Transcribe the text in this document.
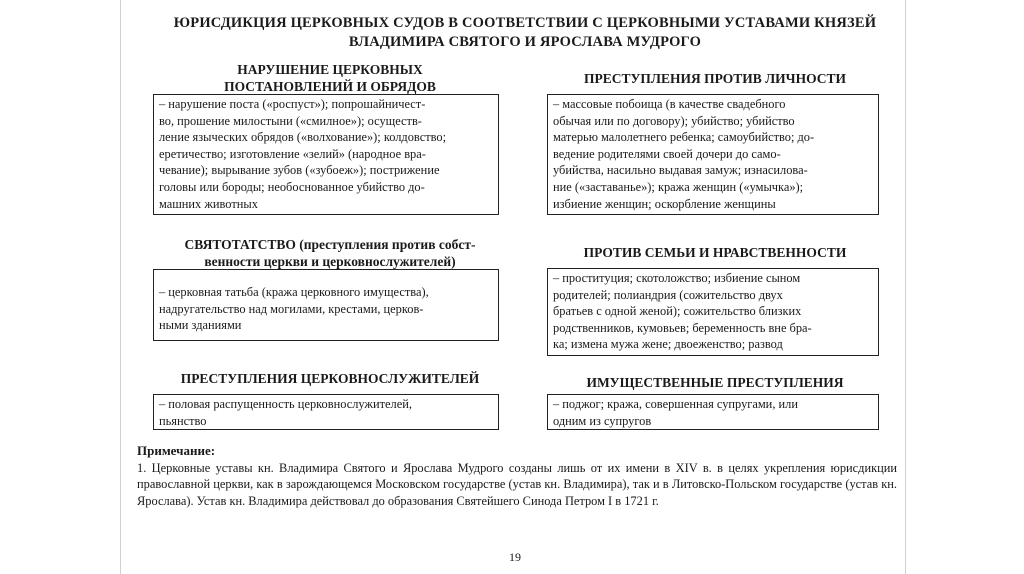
ЮРИСДИКЦИЯ ЦЕРКОВНЫХ СУДОВ В СООТВЕТСТВИИ С ЦЕРКОВНЫМИ УСТАВАМИ КНЯЗЕЙ
ВЛАДИМИРА СВЯТОГО И ЯРОСЛАВА МУДРОГО
НАРУШЕНИЕ ЦЕРКОВНЫХ
ПОСТАНОВЛЕНИЙ И ОБРЯДОВ
– нарушение поста («роспуст»); попрошайничест-
во, прошение милостыни («смилное»); осуществ-
ление языческих обрядов («волхование»); колдовство;
еретичество; изготовление «зелий» (народное вра-
чевание); вырывание зубов («зубоеж»); пострижение
головы или бороды; необоснованное убийство до-
машних животных
ПРЕСТУПЛЕНИЯ ПРОТИВ ЛИЧНОСТИ
– массовые побоища (в качестве свадебного
обычая или по договору); убийство; убийство
матерью малолетнего ребенка; самоубийство; до-
ведение родителями своей дочери до само-
убийства, насильно выдавая замуж; изнасилова-
ние («заставанье»); кража женщин («умычка»);
избиение женщин; оскорбление женщины
СВЯТОТАТСТВО (преступления против собст-
венности церкви и церковнослужителей)
– церковная татьба (кража церковного имущества),
надругательство над могилами, крестами, церков-
ными зданиями
ПРОТИВ СЕМЬИ И НРАВСТВЕННОСТИ
– проституция; скотоложство; избиение сыном
родителей; полиандрия (сожительство двух
братьев с одной женой); сожительство близких
родственников, кумовьев; беременность вне бра-
ка; измена мужа жене; двоеженство; развод
ПРЕСТУПЛЕНИЯ ЦЕРКОВНОСЛУЖИТЕЛЕЙ
– половая распущенность церковнослужителей,
пьянство
ИМУЩЕСТВЕННЫЕ ПРЕСТУПЛЕНИЯ
– поджог; кража, совершенная супругами, или
одним из супругов
Примечание:
1. Церковные уставы кн. Владимира Святого и Ярослава Мудрого созданы лишь от их имени в XIV в. в целях укрепления юрисдикции православной церкви, как в зарождающемся Московском государстве (устав кн. Владимира), так и в Литовско-Польском государстве (устав кн. Ярослава). Устав кн. Владимира действовал до образования Святейшего Синода Петром I в 1721 г.
19
